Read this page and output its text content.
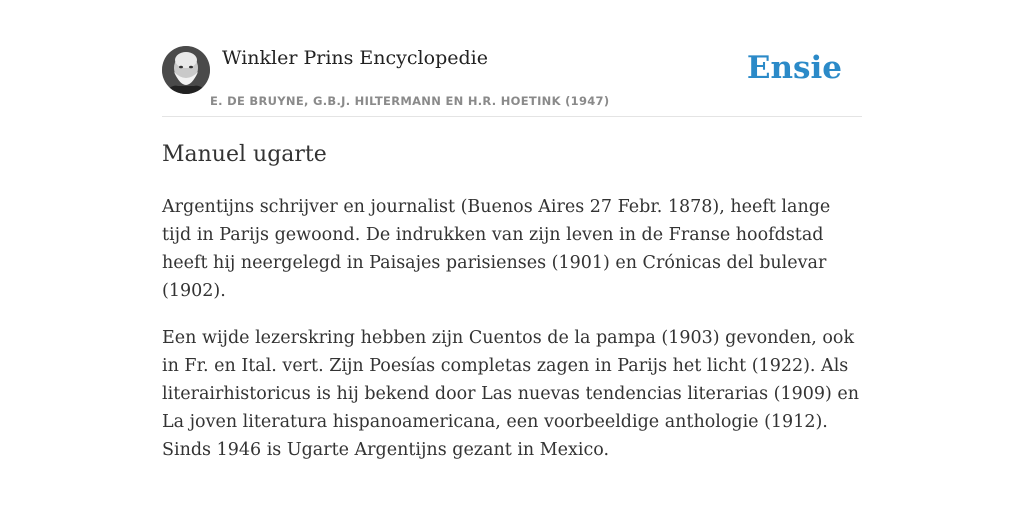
Winkler Prins Encyclopedie
E. DE BRUYNE, G.B.J. HILTERMANN EN H.R. HOETINK (1947)
Ensie
Manuel ugarte

Argentijns schrijver en journalist (Buenos Aires 27 Febr. 1878), heeft lange tijd in Parijs gewoond. De indrukken van zijn leven in de Franse hoofdstad heeft hij neergelegd in Paisajes parisienses (1901) en Crónicas del bulevar (1902).

Een wijde lezerskring hebben zijn Cuentos de la pampa (1903) gevonden, ook in Fr. en Ital. vert. Zijn Poesías completas zagen in Parijs het licht (1922). Als literairhistoricus is hij bekend door Las nuevas tendencias literarias (1909) en La joven literatura hispanoamericana, een voorbeeldige anthologie (1912). Sinds 1946 is Ugarte Argentijns gezant in Mexico.
